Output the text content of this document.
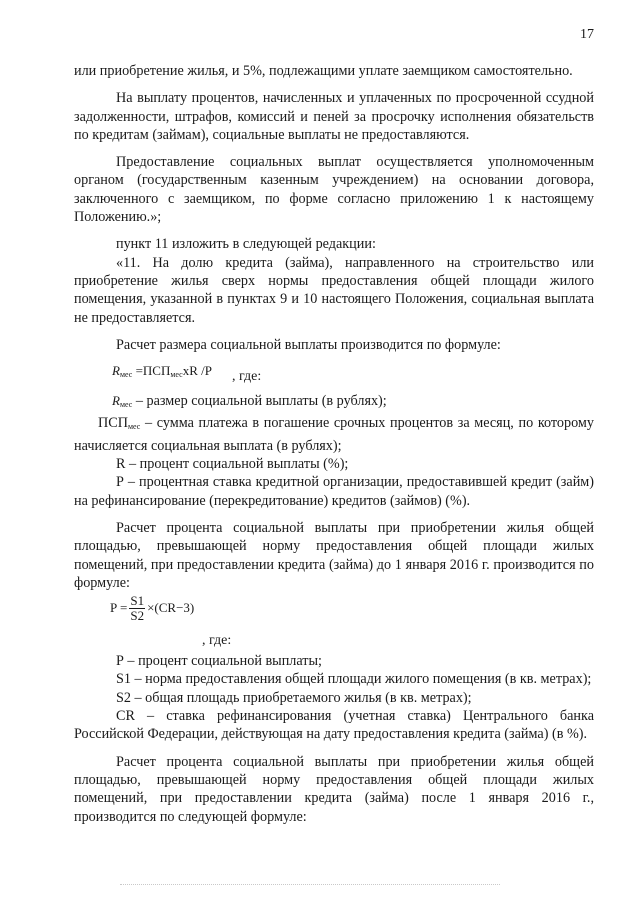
17

или приобретение жилья, и 5%, подлежащими уплате заемщиком самостоятельно.

На выплату процентов, начисленных и уплаченных по просроченной ссудной задолженности, штрафов, комиссий и пеней за просрочку исполнения обязательств по кредитам (займам), социальные выплаты не предоставляются.

Предоставление социальных выплат осуществляется уполномоченным органом (государственным казенным учреждением) на основании договора, заключенного с заемщиком, по форме согласно приложению 1 к настоящему Положению.»;

пункт 11 изложить в следующей редакции:

«11. На долю кредита (займа), направленного на строительство или приобретение жилья сверх нормы предоставления общей площади жилого помещения, указанной в пунктах 9 и 10 настоящего Положения, социальная выплата не предоставляется.

Расчет размера социальной выплаты производится по формуле:

$R_{мес} =ПСП_{мес}xR$ /P , где:

$R_{мес}$ – размер социальной выплаты (в рублях);

$ПСП_{мес}$ – сумма платежа в погашение срочных процентов за месяц, по которому начисляется социальная выплата (в рублях);

R – процент социальной выплаты (%);

Р – процентная ставка кредитной организации, предоставившей кредит (займ) на рефинансирование (перекредитование) кредитов (займов) (%).

Расчет процента социальной выплаты при приобретении жилья общей площадью, превышающей норму предоставления общей площади жилых помещений, при предоставлении кредита (займа) до 1 января 2016 г. производится по формуле:

$P = \frac{S1}{S2} \times(CR-3)$
, где:

Р – процент социальной выплаты;

S1 – норма предоставления общей площади жилого помещения (в кв. метрах);

S2 – общая площадь приобретаемого жилья (в кв. метрах);

CR – ставка рефинансирования (учетная ставка) Центрального банка Российской Федерации, действующая на дату предоставления кредита (займа) (в %).

Расчет процента социальной выплаты при приобретении жилья общей площадью, превышающей норму предоставления общей площади жилых помещений, при предоставлении кредита (займа) после 1 января 2016 г., производится по следующей формуле:
